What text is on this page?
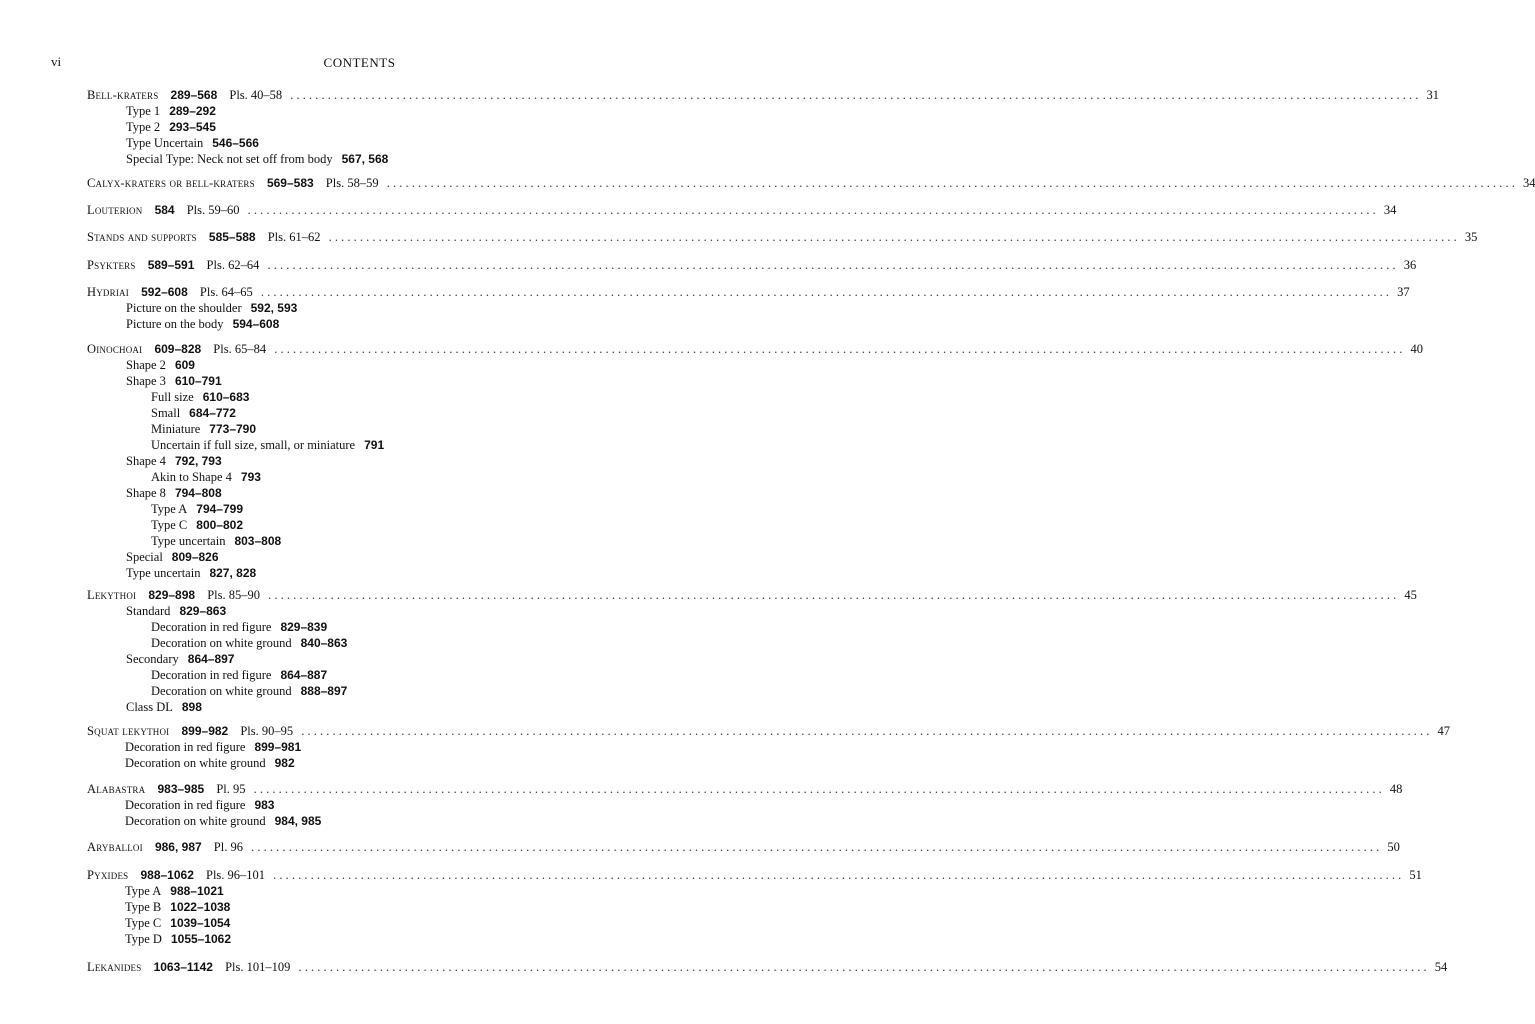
vi	CONTENTS
Bell-kraters 289–568 Pls. 40–58 . . .	31
Type 1 289–292
Type 2 293–545
Type Uncertain 546–566
Special Type: Neck not set off from body 567, 568
Calyx-kraters or bell-kraters 569–583 Pls. 58–59 . . .	34
Louterion 584 Pls. 59–60 . . .	34
Stands and supports 585–588 Pls. 61–62 . . .	35
Psykters 589–591 Pls. 62–64 . . .	36
Hydriai 592–608 Pls. 64–65 . . .	37
Picture on the shoulder 592, 593
Picture on the body 594–608
Oinochoai 609–828 Pls. 65–84 . . .	40
Shape 2 609
Shape 3 610–791
Full size 610–683
Small 684–772
Miniature 773–790
Uncertain if full size, small, or miniature 791
Shape 4 792, 793
Akin to Shape 4 793
Shape 8 794–808
Type A 794–799
Type C 800–802
Type uncertain 803–808
Special 809–826
Type uncertain 827, 828
Lekythoi 829–898 Pls. 85–90 . . .	45
Standard 829–863
Decoration in red figure 829–839
Decoration on white ground 840–863
Secondary 864–897
Decoration in red figure 864–887
Decoration on white ground 888–897
Class DL 898
Squat lekythoi 899–982 Pls. 90–95 . . .	47
Decoration in red figure 899–981
Decoration on white ground 982
Alabastra 983–985 Pl. 95 . . .	48
Decoration in red figure 983
Decoration on white ground 984, 985
Aryballoi 986, 987 Pl. 96 . . .	50
Pyxides 988–1062 Pls. 96–101 . . .	51
Type A 988–1021
Type B 1022–1038
Type C 1039–1054
Type D 1055–1062
Lekanides 1063–1142 Pls. 101–109 . . .	54
